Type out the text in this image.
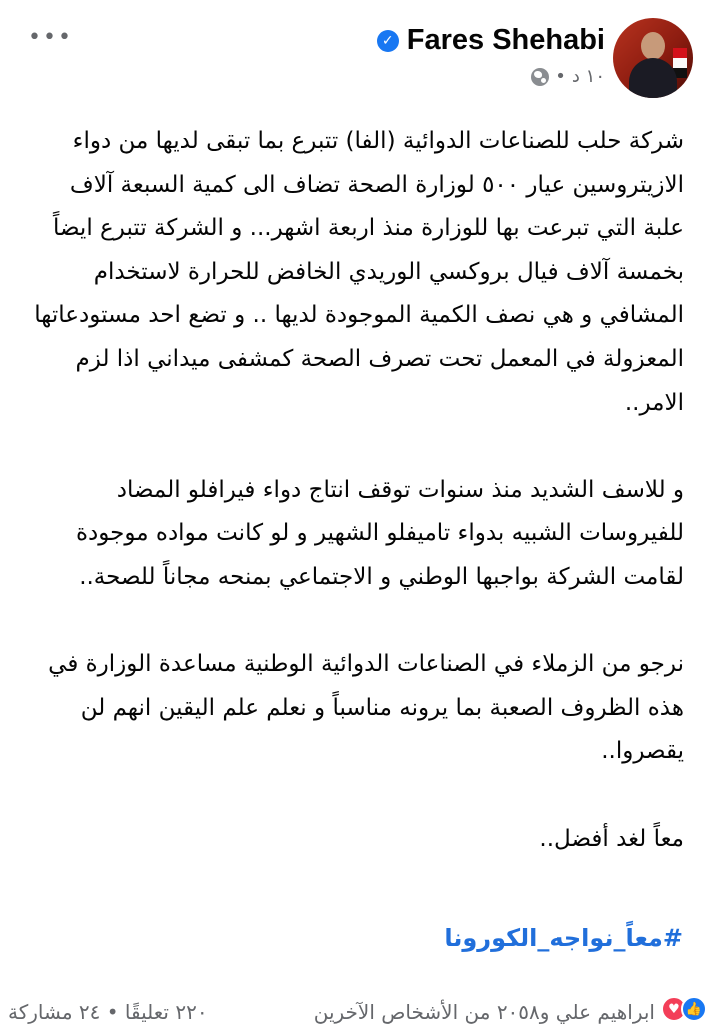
•••	✓ Fares Shehabi
• ١٠ د

شركة حلب للصناعات الدوائية (الفا) تتبرع بما تبقى لديها من دواء الازيتروسين عيار ٥٠٠ لوزارة الصحة تضاف الى كمية السبعة آلاف علبة التي تبرعت بها للوزارة منذ اربعة اشهر... و الشركة تتبرع ايضاً بخمسة آلاف فيال بروكسي الوريدي الخافض للحرارة لاستخدام المشافي و هي نصف الكمية الموجودة لديها .. و تضع احد مستودعاتها المعزولة في المعمل تحت تصرف الصحة كمشفى ميداني اذا لزم الامر..

و للاسف الشديد منذ سنوات توقف انتاج دواء فيرافلو المضاد للفيروسات الشبيه بدواء تاميفلو الشهير و لو كانت مواده موجودة لقامت الشركة بواجبها الوطني و الاجتماعي بمنحه مجاناً للصحة..

نرجو من الزملاء في الصناعات الدوائية الوطنية مساعدة الوزارة في هذه الظروف الصعبة بما يرونه مناسباً و نعلم علم اليقين انهم لن يقصروا..

معاً لغد أفضل..

#معاً_نواجه_الكورونا
♥ 👍
ابراهيم علي و٢٠٥٨ من الأشخاص الآخرين
٢٢٠ تعليقًا • ٢٤ مشاركة
